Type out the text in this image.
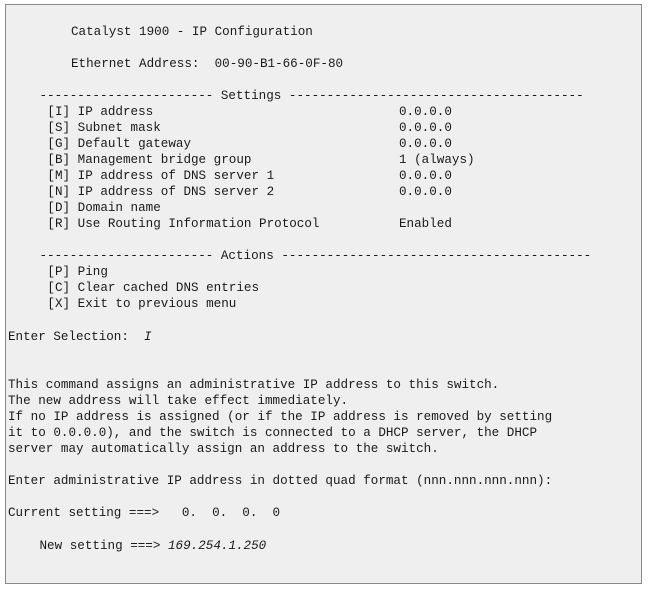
Catalyst 1900 - IP Configuration
Ethernet Address: 00-90-B1-66-0F-80
----------------------- Settings ---------------------------------------
[I] IP address	0.0.0.0
[S] Subnet mask	0.0.0.0
[G] Default gateway	0.0.0.0
[B] Management bridge group	1 (always)
[M] IP address of DNS server 1	0.0.0.0
[N] IP address of DNS server 2	0.0.0.0
[D] Domain name
[R] Use Routing Information Protocol	Enabled
----------------------- Actions -----------------------------------------
[P] Ping
[C] Clear cached DNS entries
[X] Exit to previous menu
Enter Selection: I
This command assigns an administrative IP address to this switch.
The new address will take effect immediately.
If no IP address is assigned (or if the IP address is removed by setting
it to 0.0.0.0), and the switch is connected to a DHCP server, the DHCP
server may automatically assign an address to the switch.
Enter administrative IP address in dotted quad format (nnn.nnn.nnn.nnn):
Current setting ===> 0.  0.  0.  0
New setting ===> 169.254.1.250
